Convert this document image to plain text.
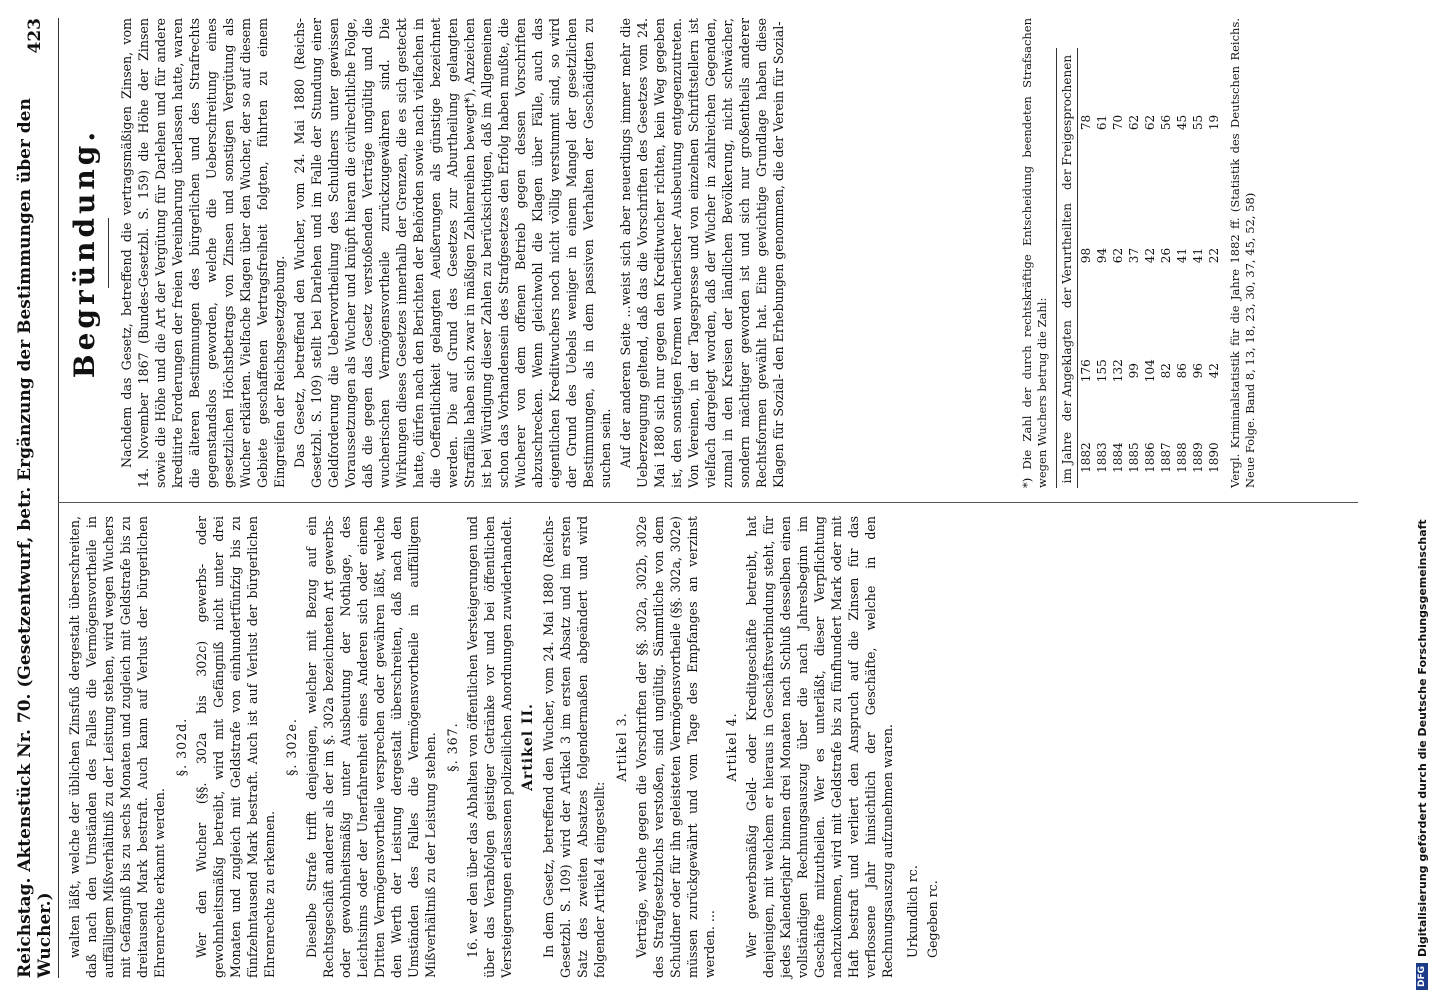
Reichstag. Aktenstück Nr. 70. (Gesetzentwurf, betr. Ergänzung der Bestimmungen über den Wucher.)
423

walten läßt, welche der üblichen Zinsfuß dergestalt überschreiten, daß nach den Umständen des Falles die Vermögensvortheile in auffälligem Mißverhältniß zu der Leistung stehen, wird wegen Wuchers mit Gefängniß bis zu sechs Monaten und zugleich mit Geldstrafe bis zu dreitausend Mark bestraft. Auch kann auf Verlust der bürgerlichen Ehrenrechte erkannt werden.

§. 302d. Wer den Wucher (§§. 302a bis 302c) gewerbs- oder gewohnheitsmäßig betreibt, wird mit Gefängniß nicht unter drei Monaten und zugleich mit Geldstrafe von einhundertfünfzig bis zu fünfzehntausend Mark bestraft. Auch ist auf Verlust der bürgerlichen Ehrenrechte zu erkennen.

§. 302e. Dieselbe Strafe trifft denjenigen, welcher mit Bezug auf ein Rechtsgeschäft anderer als der im §. 302a bezeichneten Art gewerbs- oder gewohnheitsmäßig unter Ausbeutung der Nothlage, des Leichtsinns oder der Unerfahrenheit eines Anderen sich oder einem Dritten Vermögensvortheile versprechen oder gewähren läßt, welche den Werth der Leistung dergestalt überschreiten, daß nach den Umständen des Falles die Vermögensvortheile in auffälligem Mißverhältniß zu der Leistung stehen. §. 367. 16. wer den über das Abhalten von öffentlichen Versteigerungen und über das Verabfolgen geistiger Getränke vor und bei öffentlichen Versteigerungen erlassenen polizeilichen Anordnungen zuwiderhandelt. Artikel II. In dem Gesetz, betreffend den Wucher, vom 24. Mai 1880 (Reichs-Gesetzbl. S. 109) wird der Artikel 3 im ersten Absatz und im ersten Satz des zweiten Absatzes folgendermaßen abgeändert und wird folgender Artikel 4 eingestellt:

Artikel 3. Verträge, welche gegen die Vorschriften der §§. 302a, 302b, 302e des Strafgesetzbuchs verstoßen, sind ungültig. Sämmtliche von dem Schuldner oder für ihn geleisteten Vermögensvortheile (§§. 302a, 302e) müssen zurückgewährt und vom Tage des Empfanges an verzinst werden. ...

Artikel 4. Wer gewerbsmäßig Geld- oder Kreditgeschäfte betreibt, hat denjenigen, mit welchem er hieraus in Geschäftsverbindung steht, für jedes Kalenderjahr binnen drei Monaten nach Schluß desselben einen vollständigen Rechnungsauszug über die nach Jahresbeginn im Geschäfte mitzutheilen. Wer es unterläßt, dieser Verpflichtung nachzukommen, wird mit Geldstrafe bis zu fünfhundert Mark oder mit Haft bestraft und verliert den Anspruch auf die Zinsen für das verflossene Jahr hinsichtlich der Geschäfte, welche in den Rechnungsauszug aufzunehmen waren. Urkundlich rc. Gegeben rc.

Begründung. Nachdem das Gesetz, betreffend die vertragsmäßigen Zinsen, vom 14. November 1867 (Bundes-Gesetzbl. S. 159) die Höhe der Zinsen sowie die Höhe und die Art der Vergütung für Darlehen und für andere kreditirte Forderungen der freien Vereinbarung überlassen hatte, waren die älteren Bestimmungen des bürgerlichen und des Strafrechts gegenstandslos geworden, welche die Ueberschreitung eines gesetzlichen Höchstbetrags von Zinsen und sonstigen Vergütung als Wucher erklärten. Vielfache Klagen über den Wucher, der so auf diesem Gebiete geschaffenen Vertragsfreiheit folgten, führten zu einem Eingreifen der Reichsgesetzgebung. Das Gesetz, betreffend den Wucher, vom 24. Mai 1880 (Reichs-Gesetzbl. S. 109) stellt bei Darlehen und im Falle der Stundung einer Geldforderung die Uebervortheilung des Schuldners unter gewissen Voraussetzungen als Wucher und knüpft hieran die civilrechtliche Folge, daß die gegen das Gesetz verstoßenden Verträge ungültig und die wucherischen Vermögensvortheile zurückzugewähren sind. Die Wirkungen dieses Gesetzes innerhalb der Grenzen, die es sich gesteckt hatte, dürfen nach den Berichten der Behörden sowie nach vielfachen in die Oeffentlichkeit gelangten Aeußerungen als günstige bezeichnet werden. Die auf Grund des Gesetzes zur Aburtheilung gelangten Straffälle haben sich zwar in mäßigen Zahlenreihen bewegt*), Anzeichen ist bei Würdigung dieser Zahlen zu berücksichtigen, daß im Allgemeinen schon das Vorhandensein des Strafgesetzes den Erfolg haben mußte, die Wucherer von dem offenen Betrieb gegen dessen Vorschriften abzuschrecken. Wenn gleichwohl die Klagen über Fälle, auch das eigentlichen Kreditwuchers noch nicht völlig verstummt sind, so wird der Grund des Uebels weniger in einem Mangel der gesetzlichen Bestimmungen, als in dem passiven Verhalten der Geschädigten zu suchen sein. Auf der anderen Seite ...weist sich aber neuerdings immer mehr die Ueberzeugung geltend, daß das die Vorschriften des Gesetzes vom 24. Mai 1880 sich nur gegen den Kreditwucher richten, kein Weg gegeben ist, den sonstigen Formen wucherischer Ausbeutung entgegenzutreten. Von Vereinen, in der Tagespresse und von einzelnen Schriftstellern ist vielfach dargelegt worden, daß der Wucher in zahlreichen Gegenden, zumal in den Kreisen der ländlichen Bevölkerung, nicht schwächer, sondern mächtiger geworden ist und sich nur großentheils anderer Rechtsformen gewählt hat. Eine gewichtige Grundlage haben diese Klagen für Sozial- den Erhebungen genommen, die der Verein für Sozial-	*) Die Zahl der durch rechtskräftige Entscheidung beendeten Strafsachen wegen Wuchers betrug die Zahl: im Jahre	der Angeklagten	der Verurtheilten	der Freigesprochenen
1882	176	98	78
1883	155	94	61
1884	132	62	70
1885	99	37	62
1886	104	42	62
1887	82	26	56
1888	86	41	45
1889	96	41	55
1890	42	22	19 Vergl. Kriminalstatistik für die Jahre 1882 ff. (Statistik des Deutschen Reichs. Neue Folge. Band 8, 13, 18, 23, 30, 37, 45, 52, 58)
DFG
Digitalisierung gefördert durch die Deutsche Forschungsgemeinschaft
